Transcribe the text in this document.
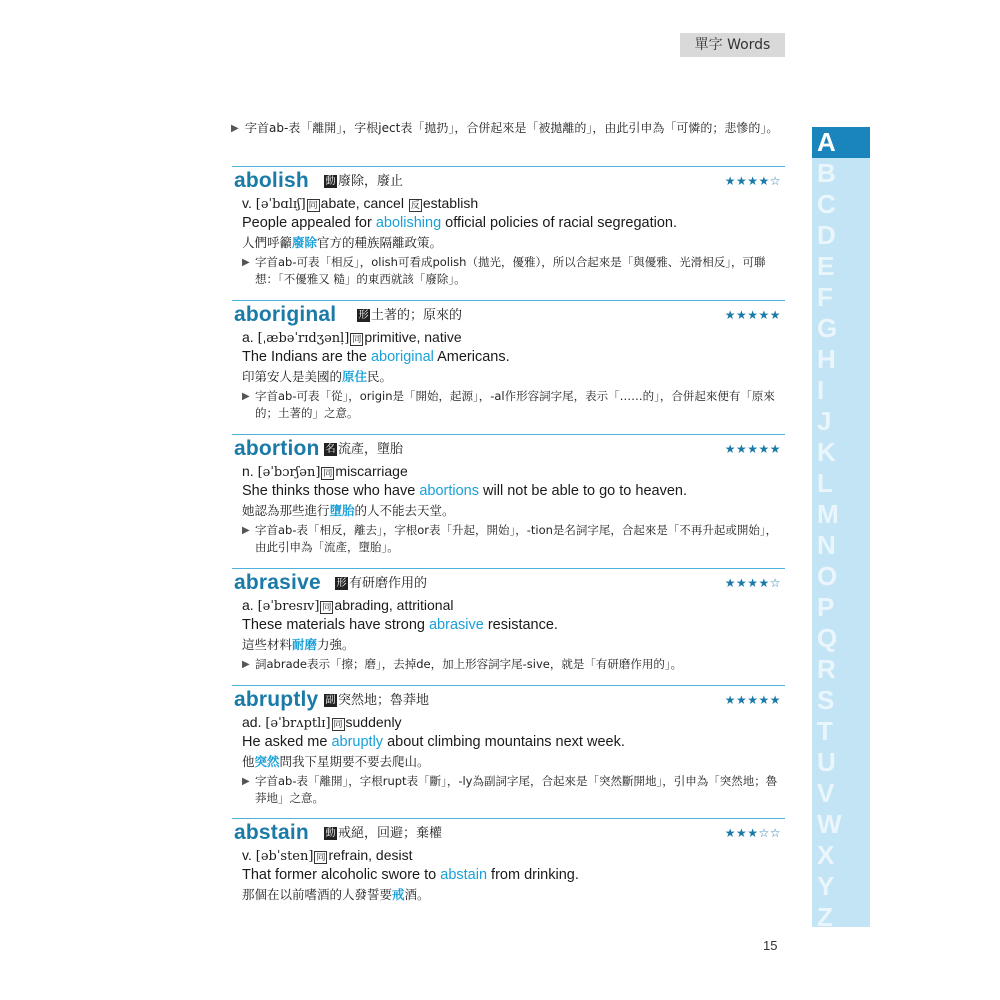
單字 Words
▶ 字首ab-表「離開」，字根ject表「拋扔」，合併起來是「被拋離的」，由此引申為「可憐的；悲慘的」。
abolish 動 廢除，廢止	★★★★☆
v. [əˈbɑlɪʃ] 同 abate, cancel 反 establish
People appealed for abolishing official policies of racial segregation.
人們呼籲廢除官方的種族隔離政策。
▶ 字首ab-可表「相反」，olish可看成polish（拋光，優雅），所以合起來是「與優雅、光滑相反」，可聯想：「不優雅又 糙」的東西就該「廢除」。
aboriginal 形 土著的；原來的	★★★★★
a. [ˌæbəˈrɪdʒənḷ] 同 primitive, native
The Indians are the aboriginal Americans.
印第安人是美國的原住民。
▶ 字首ab-可表「從」，origin是「開始，起源」，-al作形容詞字尾，表示「……的」，合併起來便有「原來的；土著的」之意。
abortion 名 流產，墮胎	★★★★★
n. [əˈbɔrʃən] 同 miscarriage
She thinks those who have abortions will not be able to go to heaven.
她認為那些進行墮胎的人不能去天堂。
▶ 字首ab-表「相反，離去」，字根or表「升起，開始」，-tion是名詞字尾，合起來是「不再升起或開始」，由此引申為「流產，墮胎」。
abrasive 形 有研磨作用的	★★★★☆
a. [əˈbresɪv] 同 abrading, attritional
These materials have strong abrasive resistance.
這些材料耐磨力強。
▶ 詞abrade表示「擦；磨」，去掉de，加上形容詞字尾-sive，就是「有研磨作用的」。
abruptly 副 突然地；魯莽地	★★★★★
ad. [əˈbrʌptlɪ] 同 suddenly
He asked me abruptly about climbing mountains next week.
他突然問我下星期要不要去爬山。
▶ 字首ab-表「離開」，字根rupt表「斷」，-ly為副詞字尾，合起來是「突然斷開地」，引申為「突然地；魯莽地」之意。
abstain 動 戒絕，回避；棄權	★★★☆☆
v. [əbˈsten] 同 refrain, desist
That former alcoholic swore to abstain from drinking.
那個在以前嗜酒的人發誓要戒酒。
A
B
C
D
E
F
G
H
I
J
K
L
M
N
O
P
Q
R
S
T
U
V
W
X
Y
Z
15
